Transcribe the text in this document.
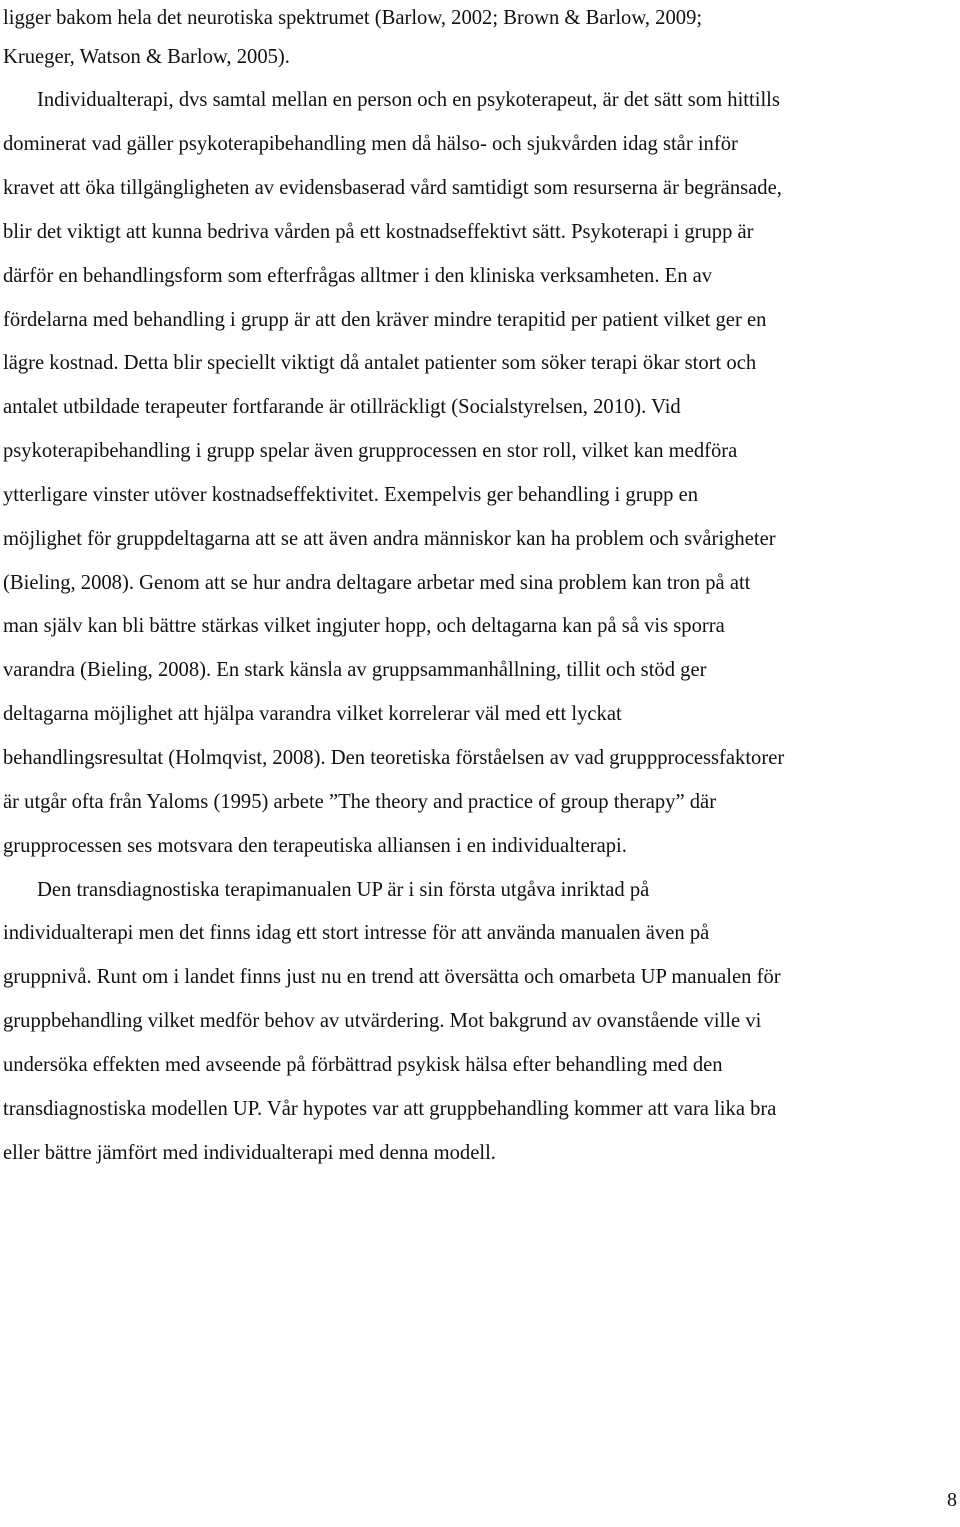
ligger bakom hela det neurotiska spektrumet (Barlow, 2002; Brown & Barlow, 2009;
Krueger, Watson & Barlow, 2005).
Individualterapi, dvs samtal mellan en person och en psykoterapeut, är det sätt som hittills
dominerat vad gäller psykoterapibehandling men då hälso- och sjukvården idag står inför
kravet att öka tillgängligheten av evidensbaserad vård samtidigt som resurserna är begränsade,
blir det viktigt att kunna bedriva vården på ett kostnadseffektivt sätt. Psykoterapi i grupp är
därför en behandlingsform som efterfrågas alltmer i den kliniska verksamheten. En av
fördelarna med behandling i grupp är att den kräver mindre terapitid per patient vilket ger en
lägre kostnad. Detta blir speciellt viktigt då antalet patienter som söker terapi ökar stort och
antalet utbildade terapeuter fortfarande är otillräckligt (Socialstyrelsen, 2010). Vid
psykoterapibehandling i grupp spelar även grupprocessen en stor roll, vilket kan medföra
ytterligare vinster utöver kostnadseffektivitet. Exempelvis ger behandling i grupp en
möjlighet för gruppdeltagarna att se att även andra människor kan ha problem och svårigheter
(Bieling, 2008). Genom att se hur andra deltagare arbetar med sina problem kan tron på att
man själv kan bli bättre stärkas vilket ingjuter hopp, och deltagarna kan på så vis sporra
varandra (Bieling, 2008). En stark känsla av gruppsammanhållning, tillit och stöd ger
deltagarna möjlighet att hjälpa varandra vilket korrelerar väl med ett lyckat
behandlingsresultat (Holmqvist, 2008). Den teoretiska förståelsen av vad gruppprocessfaktorer
är utgår ofta från Yaloms (1995) arbete ”The theory and practice of group therapy” där
grupprocessen ses motsvara den terapeutiska alliansen i en individualterapi.
Den transdiagnostiska terapimanualen UP är i sin första utgåva inriktad på
individualterapi men det finns idag ett stort intresse för att använda manualen även på
gruppnivå. Runt om i landet finns just nu en trend att översätta och omarbeta UP manualen för
gruppbehandling vilket medför behov av utvärdering. Mot bakgrund av ovanstående ville vi
undersöka effekten med avseende på förbättrad psykisk hälsa efter behandling med den
transdiagnostiska modellen UP. Vår hypotes var att gruppbehandling kommer att vara lika bra
eller bättre jämfört med individualterapi med denna modell.
8
